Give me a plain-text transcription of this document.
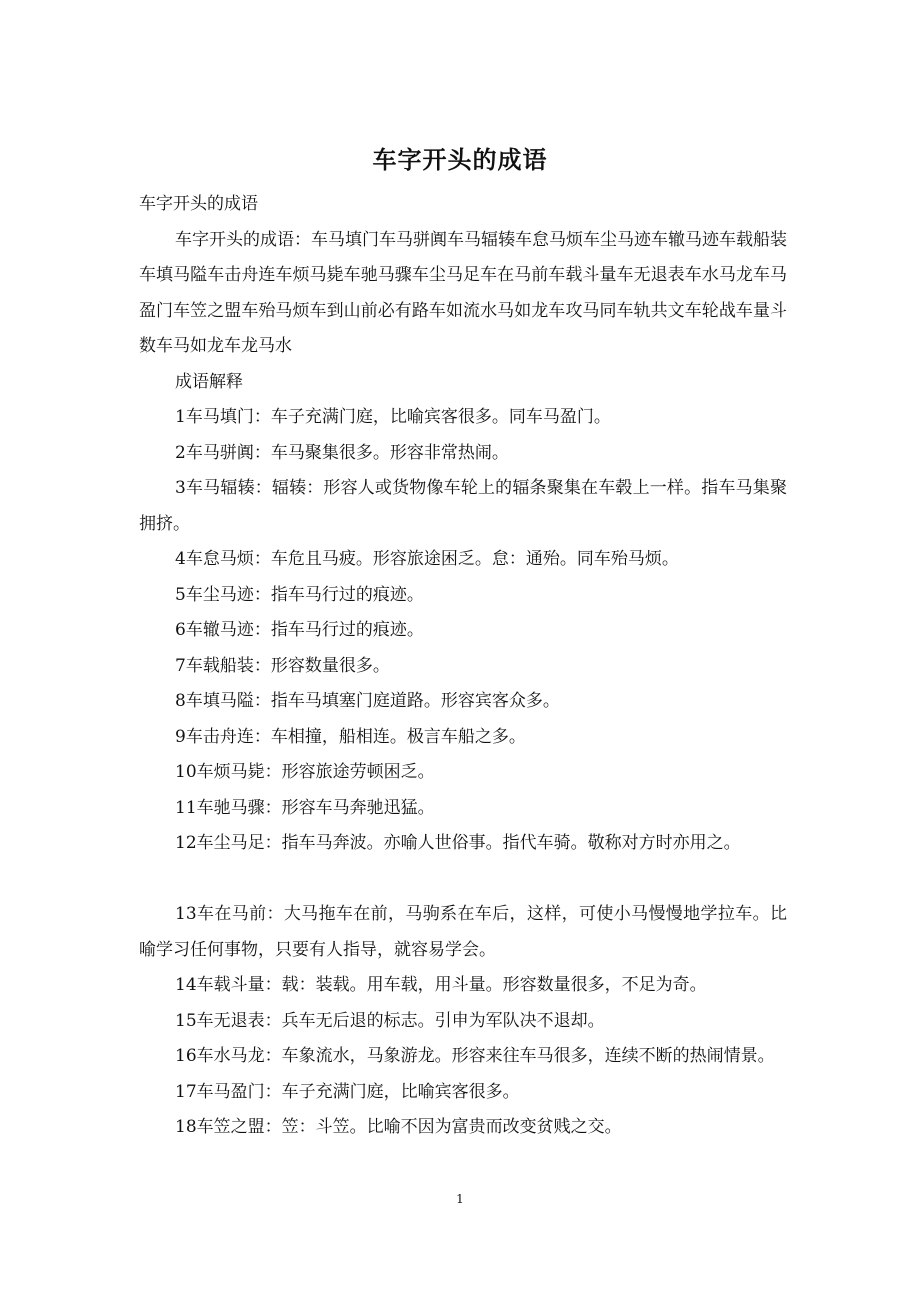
车字开头的成语

车字开头的成语

车字开头的成语：车马填门车马骈阗车马辐辏车怠马烦车尘马迹车辙马迹车载船装车填马隘车击舟连车烦马毙车驰马骤车尘马足车在马前车载斗量车无退表车水马龙车马盈门车笠之盟车殆马烦车到山前必有路车如流水马如龙车攻马同车轨共文车轮战车量斗数车马如龙车龙马水

成语解释

1车马填门：车子充满门庭，比喻宾客很多。同车马盈门。

2车马骈阗：车马聚集很多。形容非常热闹。

3车马辐辏：辐辏：形容人或货物像车轮上的辐条聚集在车毂上一样。指车马集聚拥挤。

4车怠马烦：车危且马疲。形容旅途困乏。怠：通殆。同车殆马烦。

5车尘马迹：指车马行过的痕迹。

6车辙马迹：指车马行过的痕迹。

7车载船装：形容数量很多。

8车填马隘：指车马填塞门庭道路。形容宾客众多。

9车击舟连：车相撞，船相连。极言车船之多。

10车烦马毙：形容旅途劳顿困乏。

11车驰马骤：形容车马奔驰迅猛。

12车尘马足：指车马奔波。亦喻人世俗事。指代车骑。敬称对方时亦用之。

13车在马前：大马拖车在前，马驹系在车后，这样，可使小马慢慢地学拉车。比喻学习任何事物，只要有人指导，就容易学会。

14车载斗量：载：装载。用车载，用斗量。形容数量很多，不足为奇。

15车无退表：兵车无后退的标志。引申为军队决不退却。

16车水马龙：车象流水，马象游龙。形容来往车马很多，连续不断的热闹情景。

17车马盈门：车子充满门庭，比喻宾客很多。

18车笠之盟：笠：斗笠。比喻不因为富贵而改变贫贱之交。

1
